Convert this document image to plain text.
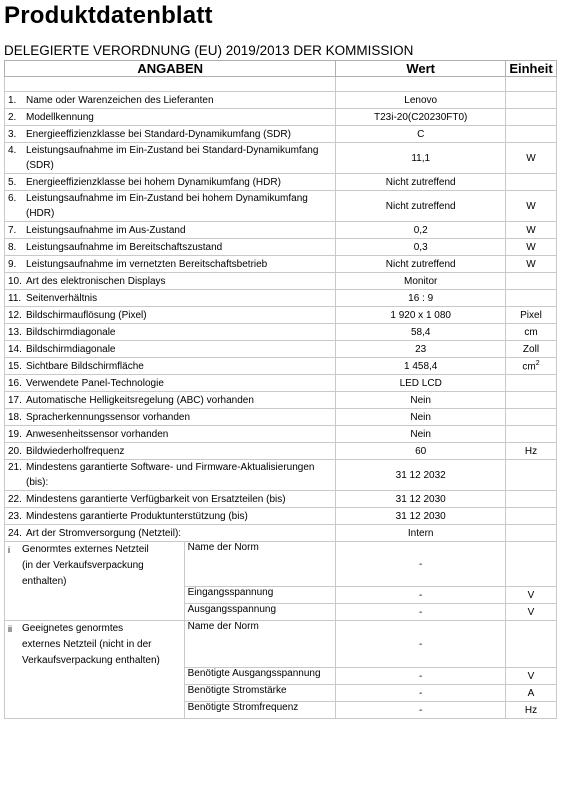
Produktdatenblatt
DELEGIERTE VERORDNUNG (EU) 2019/2013 DER KOMMISSION
ANGABEN		Wert	Einheit

1. Name oder Warenzeichen des Lieferanten		Lenovo	
2. Modellkennung		T23i-20(C20230FT0)	
3. Energieeffizienzklasse bei Standard-Dynamikumfang (SDR)		C	
4. Leistungsaufnahme im Ein-Zustand bei Standard-Dynamikumfang
(SDR)		11,1	W
5. Energieeffizienzklasse bei hohem Dynamikumfang (HDR)		Nicht zutreffend	
6. Leistungsaufnahme im Ein-Zustand bei hohem Dynamikumfang
(HDR)		Nicht zutreffend	W
7. Leistungsaufnahme im Aus-Zustand		0,2	W
8. Leistungsaufnahme im Bereitschaftszustand		0,3	W
9. Leistungsaufnahme im vernetzten Bereitschaftsbetrieb		Nicht zutreffend	W
10. Art des elektronischen Displays		Monitor	
11. Seitenverhältnis		16 : 9	
12. Bildschirmauflösung (Pixel)		1 920 x 1 080	Pixel
13. Bildschirmdiagonale		58,4	cm
14. Bildschirmdiagonale		23	Zoll
15. Sichtbare Bildschirmfläche		1 458,4	$cm^2$
16. Verwendete Panel-Technologie		LED LCD	
17. Automatische Helligkeitsregelung (ABC) vorhanden		Nein	
18. Spracherkennungssensor vorhanden		Nein	
19. Anwesenheitssensor vorhanden		Nein	
20. Bildwiederholfrequenz		60	Hz
21. Mindestens garantierte Software- und Firmware-Aktualisierungen
(bis):		31 12 2032	
22. Mindestens garantierte Verfügbarkeit von Ersatzteilen (bis)		31 12 2030	
23. Mindestens garantierte Produktunterstützung (bis)		31 12 2030	
24. Art der Stromversorgung (Netzteil):		Intern	
i Genormtes externes Netzteil
(in der Verkaufsverpackung
enthalten)	Name der Norm	-	
	Eingangsspannung	-	V
	Ausgangsspannung	-	V
ii Geeignetes genormtes
externes Netzteil (nicht in der
Verkaufsverpackung enthalten)	Name der Norm	-	
	Benötigte Ausgangsspannung	-	V
	Benötigte Stromstärke	-	A
	Benötigte Stromfrequenz	-	Hz
